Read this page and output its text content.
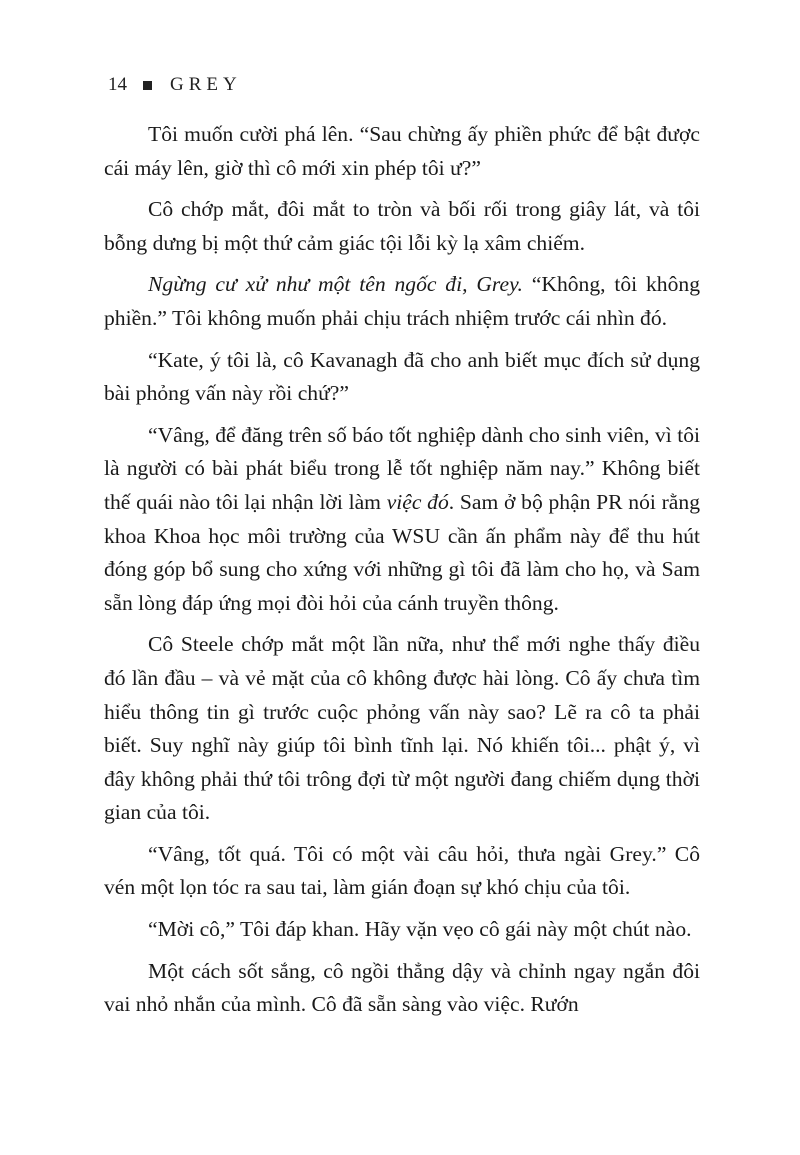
14 GREY

Tôi muốn cười phá lên. “Sau chừng ấy phiền phức để bật được cái máy lên, giờ thì cô mới xin phép tôi ư?”

Cô chớp mắt, đôi mắt to tròn và bối rối trong giây lát, và tôi bỗng dưng bị một thứ cảm giác tội lỗi kỳ lạ xâm chiếm.

Ngừng cư xử như một tên ngốc đi, Grey. “Không, tôi không phiền.” Tôi không muốn phải chịu trách nhiệm trước cái nhìn đó.

“Kate, ý tôi là, cô Kavanagh đã cho anh biết mục đích sử dụng bài phỏng vấn này rồi chứ?”

“Vâng, để đăng trên số báo tốt nghiệp dành cho sinh viên, vì tôi là người có bài phát biểu trong lễ tốt nghiệp năm nay.” Không biết thế quái nào tôi lại nhận lời làm việc đó. Sam ở bộ phận PR nói rằng khoa Khoa học môi trường của WSU cần ấn phẩm này để thu hút đóng góp bổ sung cho xứng với những gì tôi đã làm cho họ, và Sam sẵn lòng đáp ứng mọi đòi hỏi của cánh truyền thông.

Cô Steele chớp mắt một lần nữa, như thể mới nghe thấy điều đó lần đầu – và vẻ mặt của cô không được hài lòng. Cô ấy chưa tìm hiểu thông tin gì trước cuộc phỏng vấn này sao? Lẽ ra cô ta phải biết. Suy nghĩ này giúp tôi bình tĩnh lại. Nó khiến tôi... phật ý, vì đây không phải thứ tôi trông đợi từ một người đang chiếm dụng thời gian của tôi.

“Vâng, tốt quá. Tôi có một vài câu hỏi, thưa ngài Grey.” Cô vén một lọn tóc ra sau tai, làm gián đoạn sự khó chịu của tôi.

“Mời cô,” Tôi đáp khan. Hãy vặn vẹo cô gái này một chút nào.

Một cách sốt sắng, cô ngồi thẳng dậy và chỉnh ngay ngắn đôi vai nhỏ nhắn của mình. Cô đã sẵn sàng vào việc. Rướn
